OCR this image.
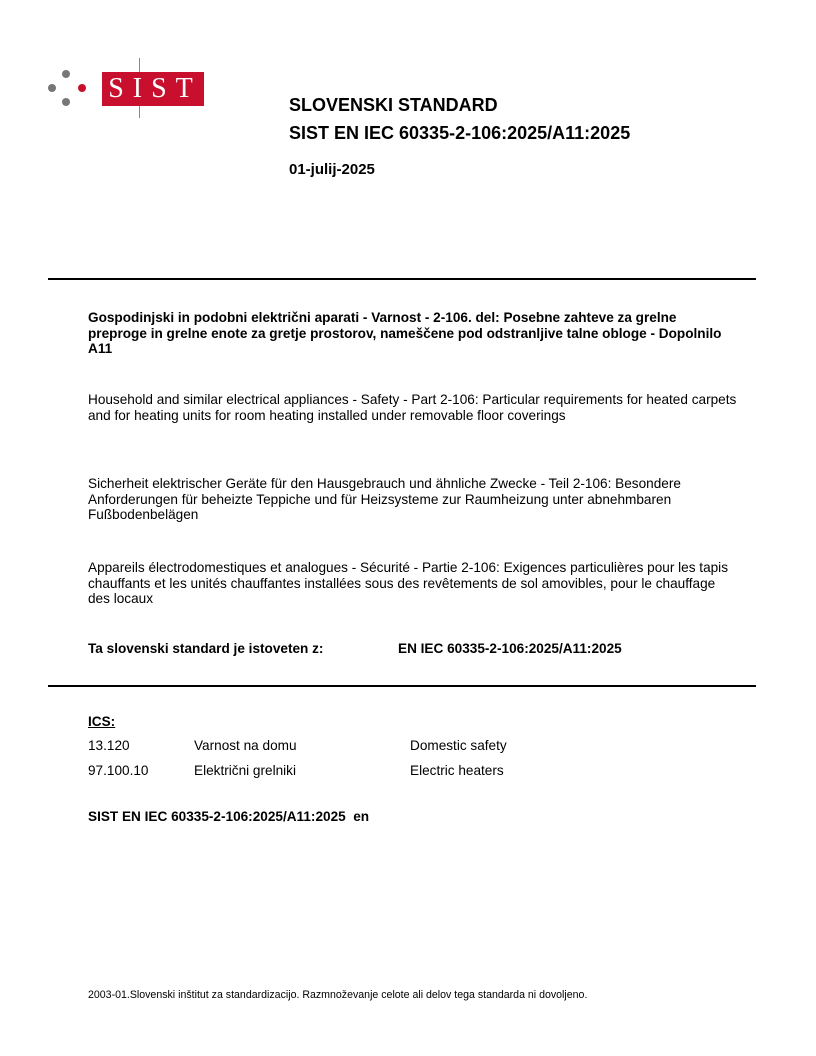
SIST
SLOVENSKI STANDARD
SIST EN IEC 60335-2-106:2025/A11:2025
01-julij-2025
Gospodinjski in podobni električni aparati - Varnost - 2-106. del: Posebne zahteve za grelne preproge in grelne enote za gretje prostorov, nameščene pod odstranljive talne obloge - Dopolnilo A11
Household and similar electrical appliances - Safety - Part 2-106: Particular requirements for heated carpets and for heating units for room heating installed under removable floor coverings
Sicherheit elektrischer Geräte für den Hausgebrauch und ähnliche Zwecke - Teil 2-106: Besondere Anforderungen für beheizte Teppiche und für Heizsysteme zur Raumheizung unter abnehmbaren Fußbodenbelägen
Appareils électrodomestiques et analogues - Sécurité - Partie 2-106: Exigences particulières pour les tapis chauffants et les unités chauffantes installées sous des revêtements de sol amovibles, pour le chauffage des locaux
Ta slovenski standard je istoveten z:	EN IEC 60335-2-106:2025/A11:2025
ICS:
13.120	Varnost na domu	Domestic safety
97.100.10	Električni grelniki	Electric heaters
SIST EN IEC 60335-2-106:2025/A11:2025  en
2003-01.Slovenski inštitut za standardizacijo. Razmnoževanje celote ali delov tega standarda ni dovoljeno.
